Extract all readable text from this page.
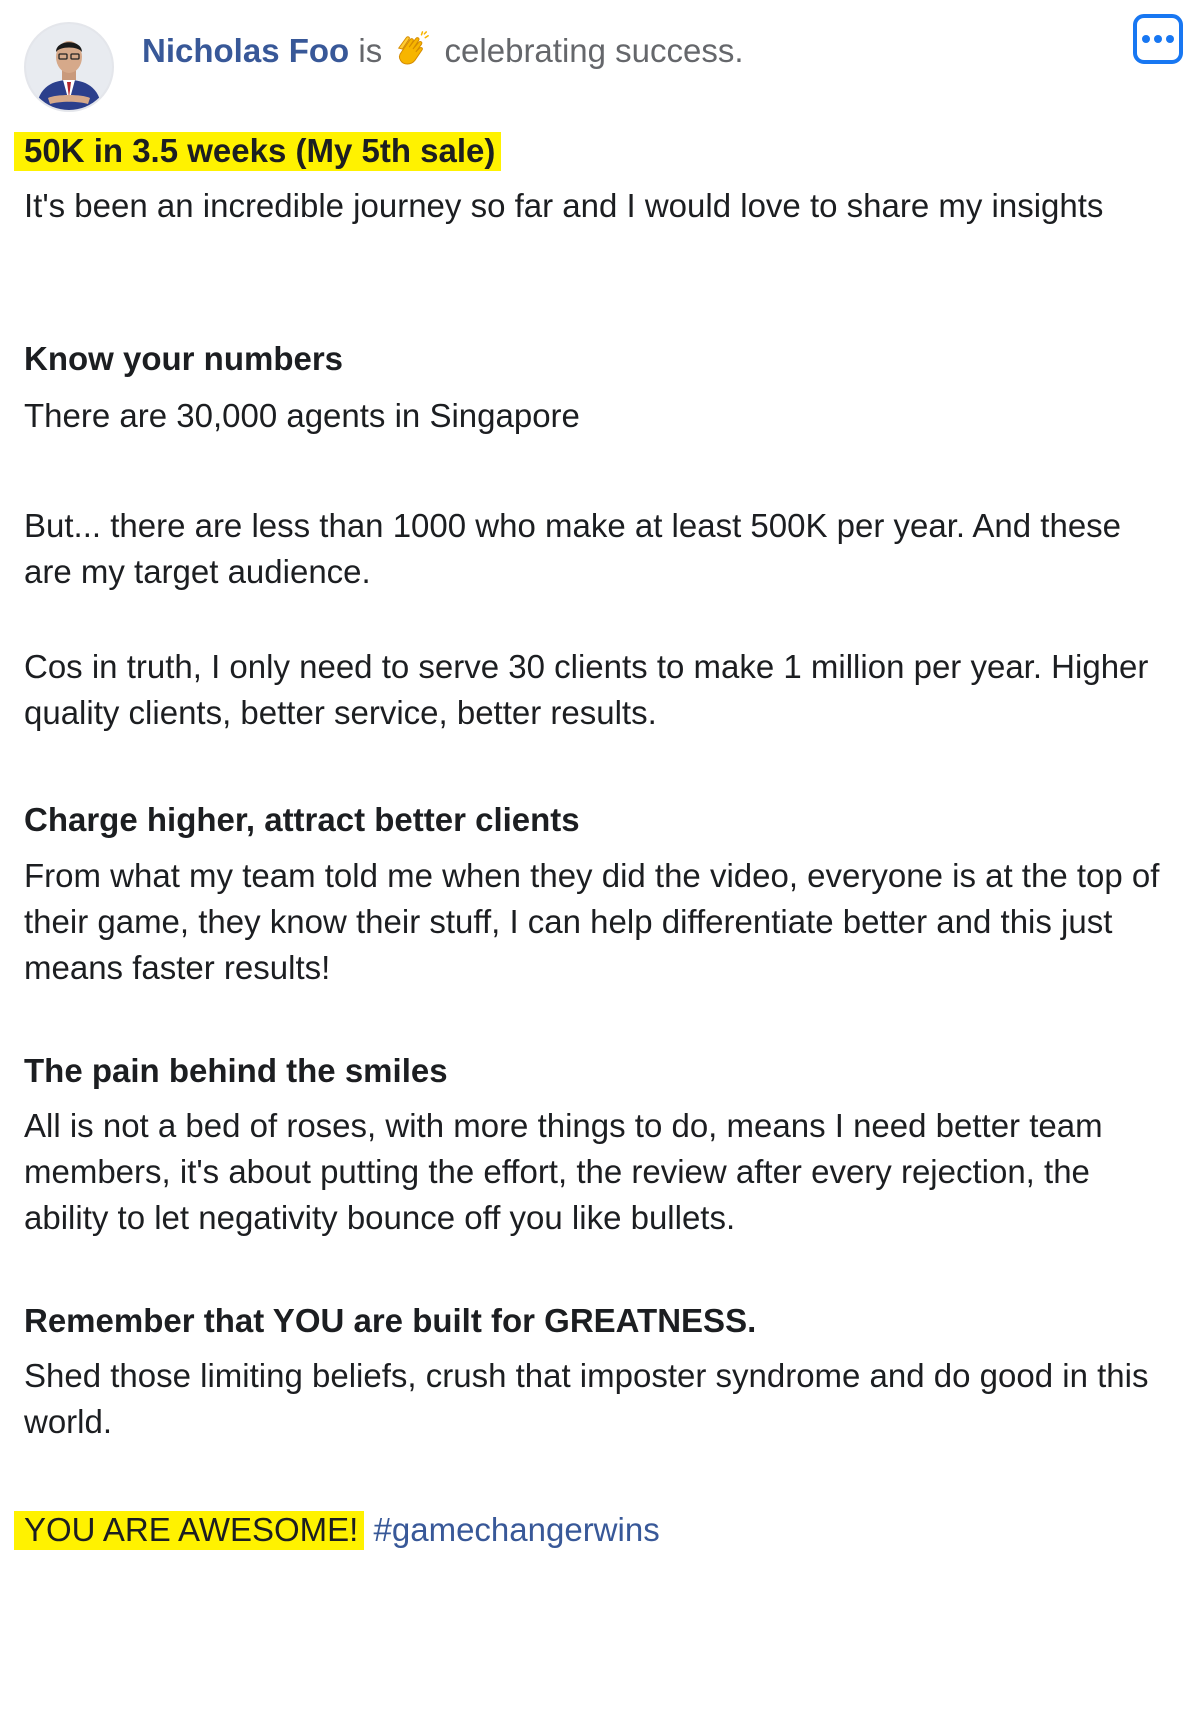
Nicholas Foo is celebrating success.

50K in 3.5 weeks (My 5th sale)

It's been an incredible journey so far and I would love to share my insights

Know your numbers

There are 30,000 agents in Singapore

But... there are less than 1000 who make at least 500K per year. And these are my target audience.

Cos in truth, I only need to serve 30 clients to make 1 million per year. Higher quality clients, better service, better results.

Charge higher, attract better clients

From what my team told me when they did the video, everyone is at the top of their game, they know their stuff, I can help differentiate better and this just means faster results!

The pain behind the smiles

All is not a bed of roses, with more things to do, means I need better team members, it's about putting the effort, the review after every rejection, the ability to let negativity bounce off you like bullets.

Remember that YOU are built for GREATNESS.

Shed those limiting beliefs, crush that imposter syndrome and do good in this world.

YOU ARE AWESOME! #gamechangerwins
